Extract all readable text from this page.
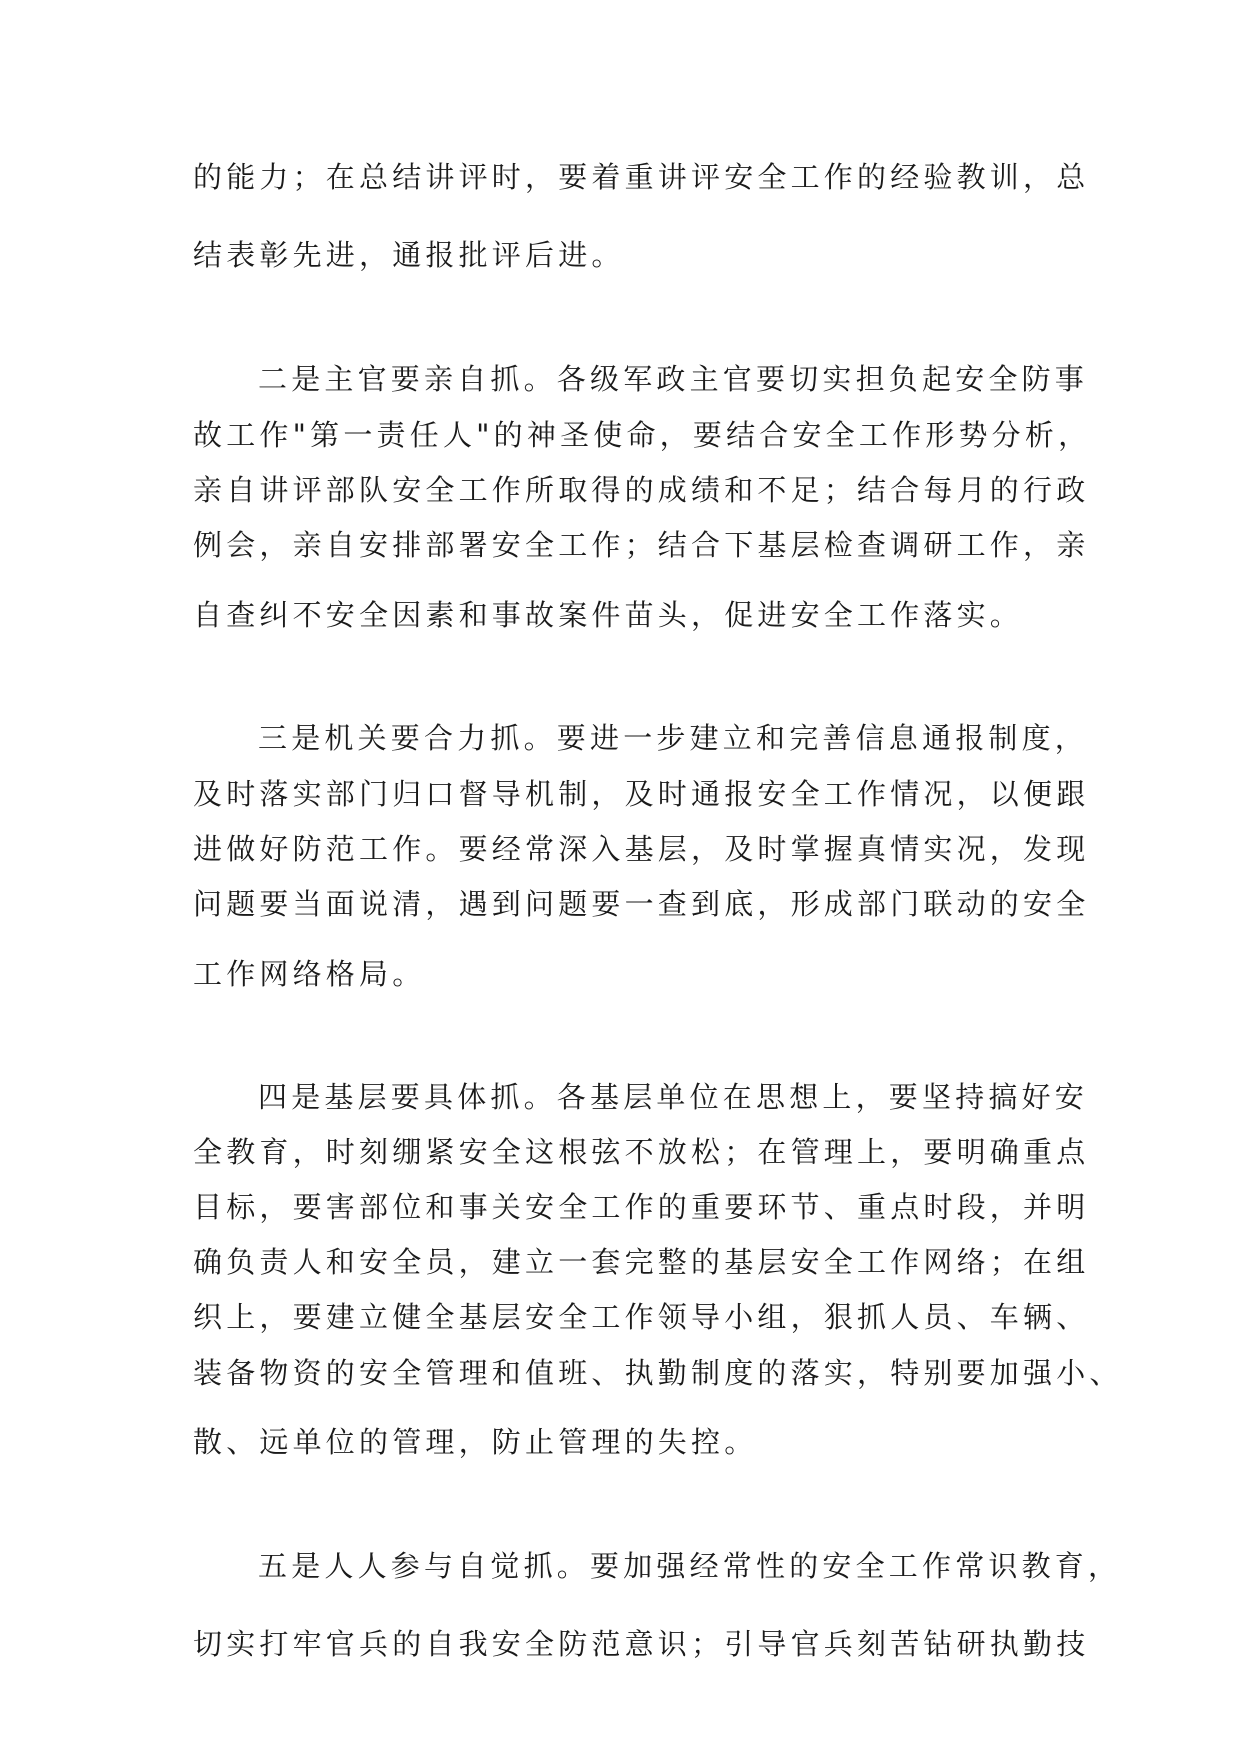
的能力；在总结讲评时，要着重讲评安全工作的经验教训，总
结表彰先进，通报批评后进。
二是主官要亲自抓。各级军政主官要切实担负起安全防事
故工作"第一责任人"的神圣使命，要结合安全工作形势分析，
亲自讲评部队安全工作所取得的成绩和不足；结合每月的行政
例会，亲自安排部署安全工作；结合下基层检查调研工作，亲
自查纠不安全因素和事故案件苗头，促进安全工作落实。
三是机关要合力抓。要进一步建立和完善信息通报制度，
及时落实部门归口督导机制，及时通报安全工作情况，以便跟
进做好防范工作。要经常深入基层，及时掌握真情实况，发现
问题要当面说清，遇到问题要一查到底，形成部门联动的安全
工作网络格局。
四是基层要具体抓。各基层单位在思想上，要坚持搞好安
全教育，时刻绷紧安全这根弦不放松；在管理上，要明确重点
目标，要害部位和事关安全工作的重要环节、重点时段，并明
确负责人和安全员，建立一套完整的基层安全工作网络；在组
织上，要建立健全基层安全工作领导小组，狠抓人员、车辆、
装备物资的安全管理和值班、执勤制度的落实，特别要加强小、
散、远单位的管理，防止管理的失控。
五是人人参与自觉抓。要加强经常性的安全工作常识教育，
切实打牢官兵的自我安全防范意识；引导官兵刻苦钻研执勤技
